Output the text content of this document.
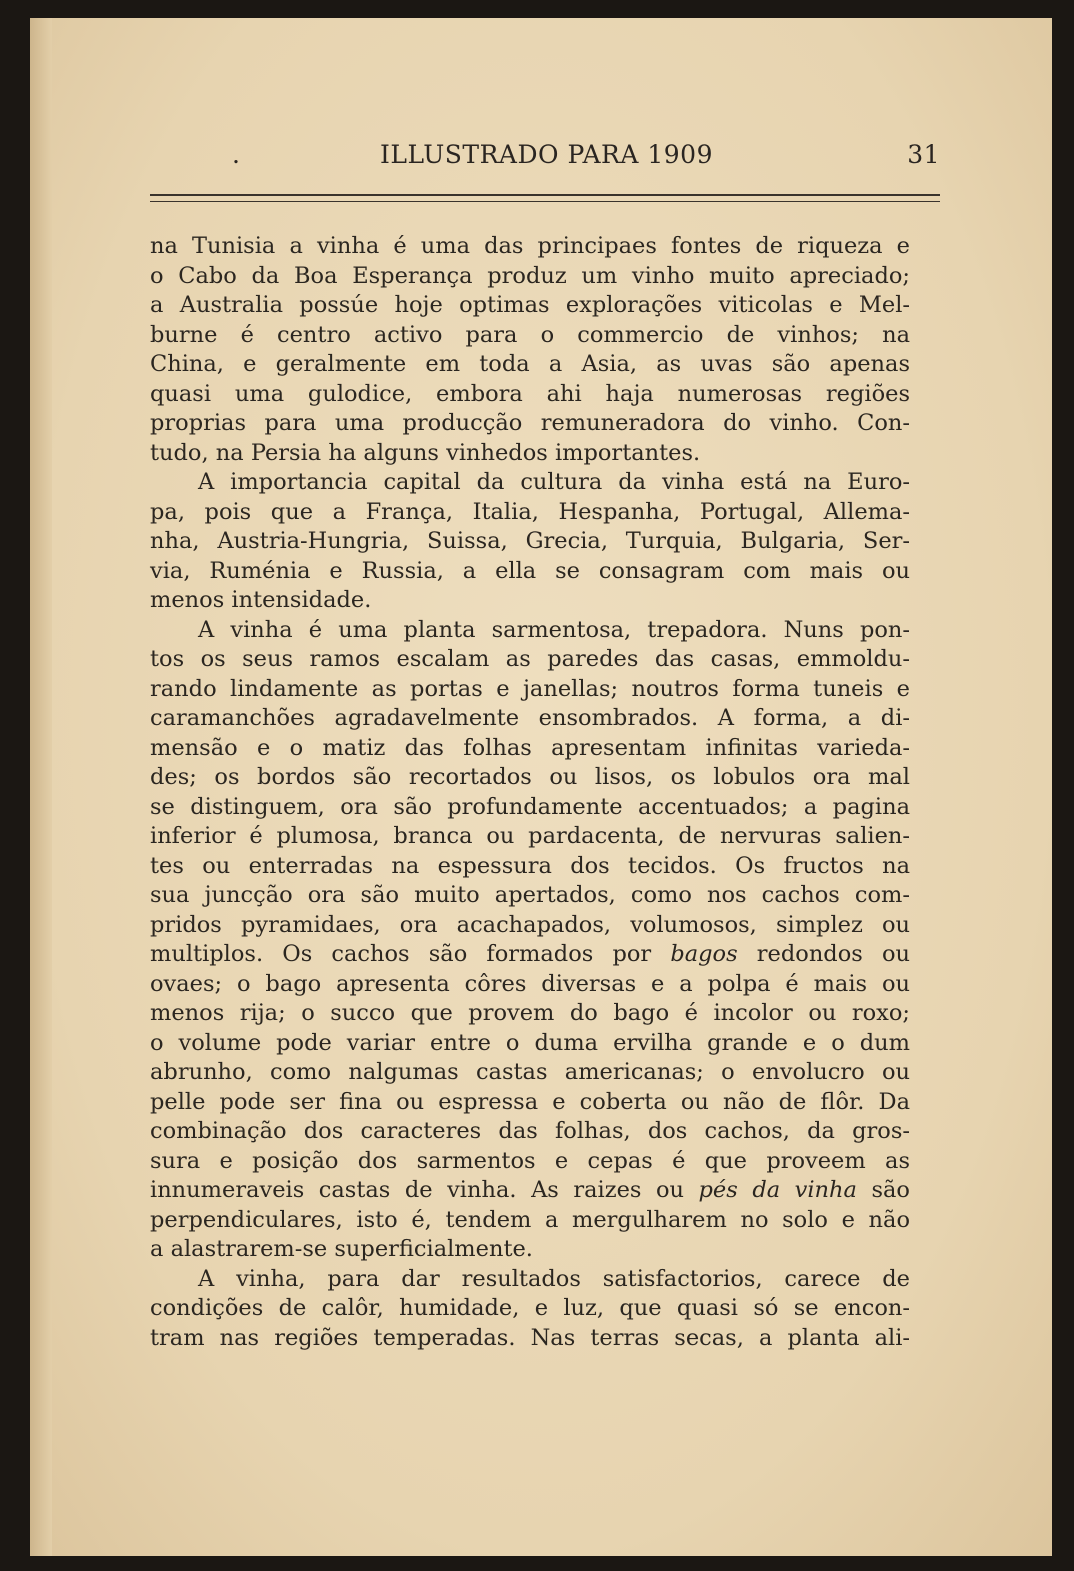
.	ILLUSTRADO PARA 1909	31
na Tunisia a vinha é uma das principaes fontes de riqueza e
o Cabo da Boa Esperança produz um vinho muito apreciado;
a Australia possúe hoje optimas explorações viticolas e Mel-
burne é centro activo para o commercio de vinhos; na
China, e geralmente em toda a Asia, as uvas são apenas
quasi uma gulodice, embora ahi haja numerosas regiões
proprias para uma producção remuneradora do vinho. Con-
tudo, na Persia ha alguns vinhedos importantes.
A importancia capital da cultura da vinha está na Euro-
pa, pois que a França, Italia, Hespanha, Portugal, Allema-
nha, Austria-Hungria, Suissa, Grecia, Turquia, Bulgaria, Ser-
via, Ruménia e Russia, a ella se consagram com mais ou
menos intensidade.
A vinha é uma planta sarmentosa, trepadora. Nuns pon-
tos os seus ramos escalam as paredes das casas, emmoldu-
rando lindamente as portas e janellas; noutros forma tuneis e
caramanchões agradavelmente ensombrados. A forma, a di-
mensão e o matiz das folhas apresentam infinitas varieda-
des; os bordos são recortados ou lisos, os lobulos ora mal
se distinguem, ora são profundamente accentuados; a pagina
inferior é plumosa, branca ou pardacenta, de nervuras salien-
tes ou enterradas na espessura dos tecidos. Os fructos na
sua juncção ora são muito apertados, como nos cachos com-
pridos pyramidaes, ora acachapados, volumosos, simplez ou
multiplos. Os cachos são formados por bagos redondos ou
ovaes; o bago apresenta côres diversas e a polpa é mais ou
menos rija; o succo que provem do bago é incolor ou roxo;
o volume pode variar entre o duma ervilha grande e o dum
abrunho, como nalgumas castas americanas; o envolucro ou
pelle pode ser fina ou espressa e coberta ou não de flôr. Da
combinação dos caracteres das folhas, dos cachos, da gros-
sura e posição dos sarmentos e cepas é que proveem as
innumeraveis castas de vinha. As raizes ou pés da vinha são
perpendiculares, isto é, tendem a mergulharem no solo e não
a alastrarem-se superficialmente.
A vinha, para dar resultados satisfactorios, carece de
condições de calôr, humidade, e luz, que quasi só se encon-
tram nas regiões temperadas. Nas terras secas, a planta ali-
